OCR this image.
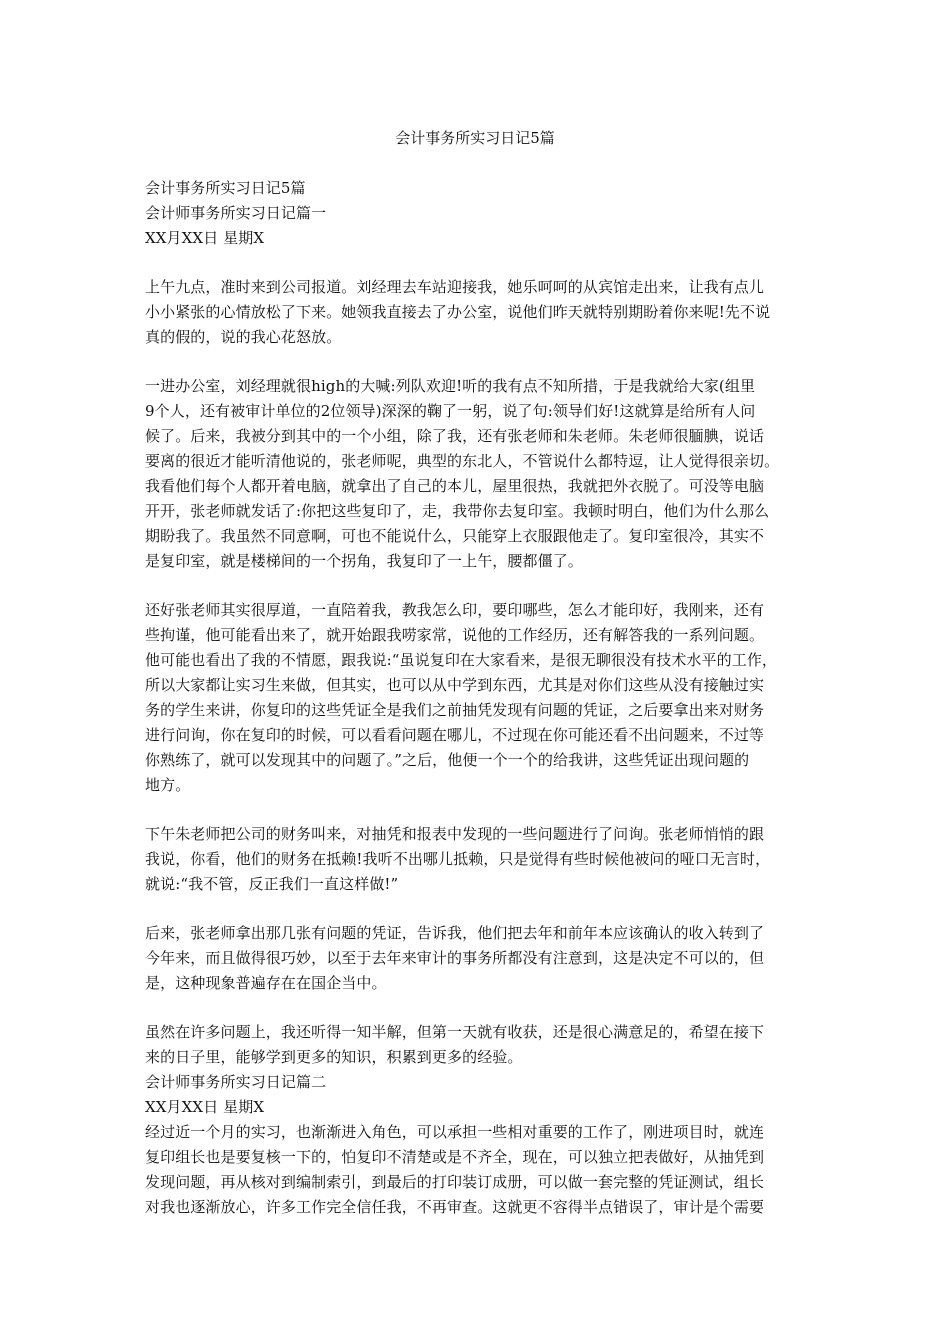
会计事务所实习日记5篇
会计事务所实习日记5篇
会计师事务所实习日记篇一
XX月XX日 星期X
上午九点，准时来到公司报道。刘经理去车站迎接我，她乐呵呵的从宾馆走出来，让我有点儿
小小紧张的心情放松了下来。她领我直接去了办公室，说他们昨天就特别期盼着你来呢!先不说
真的假的，说的我心花怒放。
一进办公室，刘经理就很high的大喊:列队欢迎!听的我有点不知所措，于是我就给大家(组里
9个人，还有被审计单位的2位领导)深深的鞠了一躬，说了句:领导们好!这就算是给所有人问
候了。后来，我被分到其中的一个小组，除了我，还有张老师和朱老师。朱老师很腼腆，说话
要离的很近才能听清他说的，张老师呢，典型的东北人，不管说什么都特逗，让人觉得很亲切。
我看他们每个人都开着电脑，就拿出了自己的本儿，屋里很热，我就把外衣脱了。可没等电脑
开开，张老师就发话了:你把这些复印了，走，我带你去复印室。我顿时明白，他们为什么那么
期盼我了。我虽然不同意啊，可也不能说什么，只能穿上衣服跟他走了。复印室很冷，其实不
是复印室，就是楼梯间的一个拐角，我复印了一上午，腰都僵了。
还好张老师其实很厚道，一直陪着我，教我怎么印，要印哪些，怎么才能印好，我刚来，还有
些拘谨，他可能看出来了，就开始跟我唠家常，说他的工作经历，还有解答我的一系列问题。
他可能也看出了我的不情愿，跟我说:“虽说复印在大家看来，是很无聊很没有技术水平的工作，
所以大家都让实习生来做，但其实，也可以从中学到东西，尤其是对你们这些从没有接触过实
务的学生来讲，你复印的这些凭证全是我们之前抽凭发现有问题的凭证，之后要拿出来对财务
进行问询，你在复印的时候，可以看看问题在哪儿，不过现在你可能还看不出问题来，不过等
你熟练了，就可以发现其中的问题了。”之后，他便一个一个的给我讲，这些凭证出现问题的
地方。
下午朱老师把公司的财务叫来，对抽凭和报表中发现的一些问题进行了问询。张老师悄悄的跟
我说，你看，他们的财务在抵赖!我听不出哪儿抵赖，只是觉得有些时候他被问的哑口无言时，
就说:“我不管，反正我们一直这样做!”
后来，张老师拿出那几张有问题的凭证，告诉我，他们把去年和前年本应该确认的收入转到了
今年来，而且做得很巧妙，以至于去年来审计的事务所都没有注意到，这是决定不可以的，但
是，这种现象普遍存在在国企当中。
虽然在许多问题上，我还听得一知半解，但第一天就有收获，还是很心满意足的，希望在接下
来的日子里，能够学到更多的知识，积累到更多的经验。
会计师事务所实习日记篇二
XX月XX日 星期X
经过近一个月的实习，也渐渐进入角色，可以承担一些相对重要的工作了，刚进项目时，就连
复印组长也是要复核一下的，怕复印不清楚或是不齐全，现在，可以独立把表做好，从抽凭到
发现问题，再从核对到编制索引，到最后的打印装订成册，可以做一套完整的凭证测试，组长
对我也逐渐放心，许多工作完全信任我，不再审查。这就更不容得半点错误了，审计是个需要
